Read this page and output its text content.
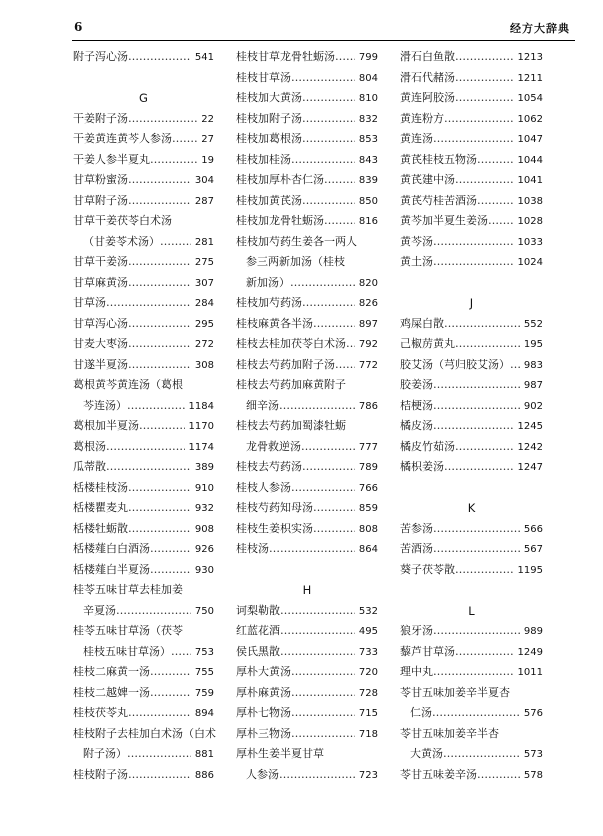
6	经方大辞典
附子泻心汤 …………………………………………………………………	541
G
干姜附子汤 …………………………………………………………………	22
干姜黄连黄芩人参汤 …………………………………………………………………	27
干姜人参半夏丸 …………………………………………………………………	19
甘草粉蜜汤 …………………………………………………………………	304
甘草附子汤 …………………………………………………………………	287
甘草干姜茯苓白术汤
（甘姜苓术汤） …………………………………………………………………	281
甘草干姜汤 …………………………………………………………………	275
甘草麻黄汤 …………………………………………………………………	307
甘草汤 …………………………………………………………………	284
甘草泻心汤 …………………………………………………………………	295
甘麦大枣汤 …………………………………………………………………	272
甘遂半夏汤 …………………………………………………………………	308
葛根黄芩黄连汤（葛根
芩连汤） …………………………………………………………………	1184
葛根加半夏汤 …………………………………………………………………	1170
葛根汤 …………………………………………………………………	1174
瓜蒂散 …………………………………………………………………	389
栝楼桂枝汤 …………………………………………………………………	910
栝楼瞿麦丸 …………………………………………………………………	932
栝楼牡蛎散 …………………………………………………………………	908
栝楼薤白白酒汤 …………………………………………………………………	926
栝楼薤白半夏汤 …………………………………………………………………	930
桂苓五味甘草去桂加姜
辛夏汤 …………………………………………………………………	750
桂苓五味甘草汤（茯苓
桂枝五味甘草汤） …………………………………………………………………	753
桂枝二麻黄一汤 …………………………………………………………………	755
桂枝二越婢一汤 …………………………………………………………………	759
桂枝茯苓丸 …………………………………………………………………	894
桂枝附子去桂加白术汤（白术
附子汤） …………………………………………………………………	881
桂枝附子汤 …………………………………………………………………	886
桂枝甘草龙骨牡蛎汤 …………………………………………………………………	799
桂枝甘草汤 …………………………………………………………………	804
桂枝加大黄汤 …………………………………………………………………	810
桂枝加附子汤 …………………………………………………………………	832
桂枝加葛根汤 …………………………………………………………………	853
桂枝加桂汤 …………………………………………………………………	843
桂枝加厚朴杏仁汤 …………………………………………………………………	839
桂枝加黄芪汤 …………………………………………………………………	850
桂枝加龙骨牡蛎汤 …………………………………………………………………	816
桂枝加芍药生姜各一两人
参三两新加汤（桂枝
新加汤） …………………………………………………………………	820
桂枝加芍药汤 …………………………………………………………………	826
桂枝麻黄各半汤 …………………………………………………………………	897
桂枝去桂加茯苓白术汤 …………………………………………………………………	792
桂枝去芍药加附子汤 …………………………………………………………………	772
桂枝去芍药加麻黄附子
细辛汤 …………………………………………………………………	786
桂枝去芍药加蜀漆牡蛎
龙骨救逆汤 …………………………………………………………………	777
桂枝去芍药汤 …………………………………………………………………	789
桂枝人参汤 …………………………………………………………………	766
桂枝芍药知母汤 …………………………………………………………………	859
桂枝生姜枳实汤 …………………………………………………………………	808
桂枝汤 …………………………………………………………………	864
H
诃梨勒散 …………………………………………………………………	532
红蓝花酒 …………………………………………………………………	495
侯氏黑散 …………………………………………………………………	733
厚朴大黄汤 …………………………………………………………………	720
厚朴麻黄汤 …………………………………………………………………	728
厚朴七物汤 …………………………………………………………………	715
厚朴三物汤 …………………………………………………………………	718
厚朴生姜半夏甘草
人参汤 …………………………………………………………………	723
滑石白鱼散 …………………………………………………………………	1213
滑石代赭汤 …………………………………………………………………	1211
黄连阿胶汤 …………………………………………………………………	1054
黄连粉方 …………………………………………………………………	1062
黄连汤 …………………………………………………………………	1047
黄芪桂枝五物汤 …………………………………………………………………	1044
黄芪建中汤 …………………………………………………………………	1041
黄芪芍桂苦酒汤 …………………………………………………………………	1038
黄芩加半夏生姜汤 …………………………………………………………………	1028
黄芩汤 …………………………………………………………………	1033
黄土汤 …………………………………………………………………	1024
J
鸡屎白散 …………………………………………………………………	552
己椒苈黄丸 …………………………………………………………………	195
胶艾汤（芎归胶艾汤） …………………………………………………………………	983
胶姜汤 …………………………………………………………………	987
桔梗汤 …………………………………………………………………	902
橘皮汤 …………………………………………………………………	1245
橘皮竹茹汤 …………………………………………………………………	1242
橘枳姜汤 …………………………………………………………………	1247
K
苦参汤 …………………………………………………………………	566
苦酒汤 …………………………………………………………………	567
葵子茯苓散 …………………………………………………………………	1195
L
狼牙汤 …………………………………………………………………	989
藜芦甘草汤 …………………………………………………………………	1249
理中丸 …………………………………………………………………	1011
苓甘五味加姜辛半夏杏
仁汤 …………………………………………………………………	576
苓甘五味加姜辛半杏
大黄汤 …………………………………………………………………	573
苓甘五味姜辛汤 …………………………………………………………………	578
